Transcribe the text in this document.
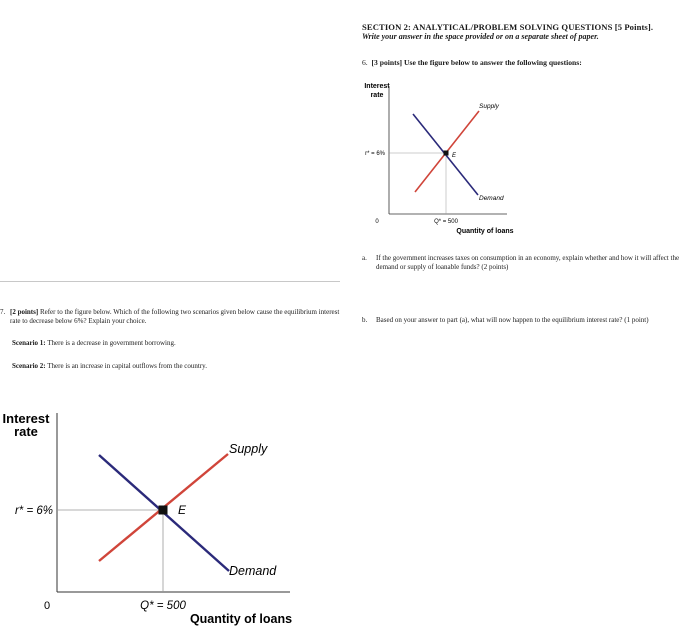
SECTION 2: ANALYTICAL/PROBLEM SOLVING QUESTIONS [5 Points].
Write your answer in the space provided or on a separate sheet of paper.
6. [3 points] Use the figure below to answer the following questions:
Interest
rate
E
Supply
Demand
r* = 6%
0	Q* = 500
Quantity of loans
a. If the government increases taxes on consumption in an economy, explain whether and how it will affect the demand or supply of loanable funds? (2 points)
b. Based on your answer to part (a), what will now happen to the equilibrium interest rate? (1 point)
7. [2 points] Refer to the figure below. Which of the following two scenarios given below cause the equilibrium interest rate to decrease below 6%? Explain your choice.
Scenario 1: There is a decrease in government borrowing.
Scenario 2: There is an increase in capital outflows from the country.
Interest
rate
E
Supply
Demand
r* = 6%
0	Q* = 500
Quantity of loans
